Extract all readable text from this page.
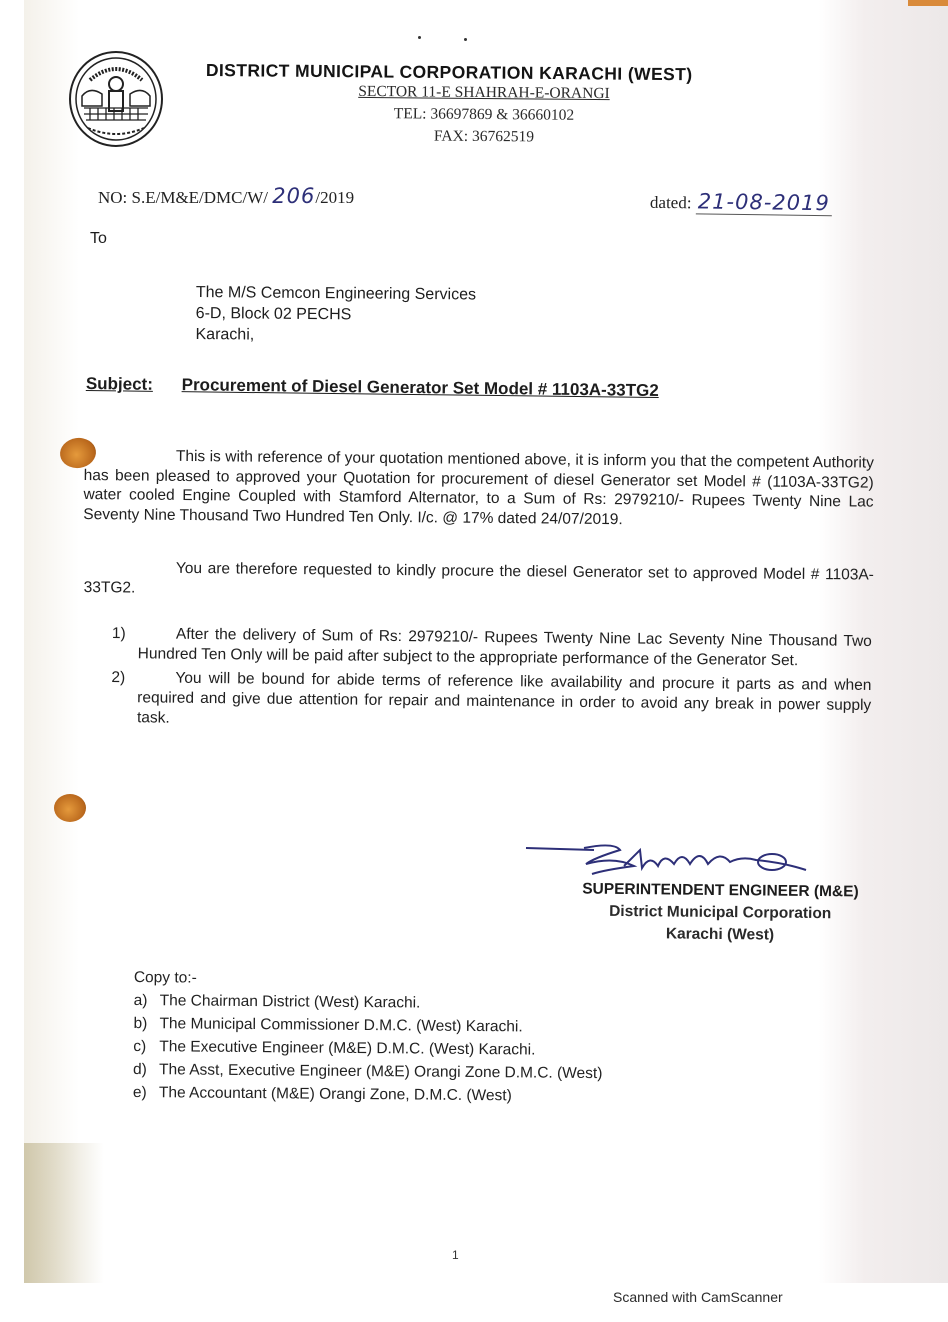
DISTRICT MUNICIPAL CORPORATION KARACHI (WEST)
SECTOR 11-E SHAHRAH-E-ORANGI
TEL: 36697869 & 36660102
FAX: 36762519
NO: S.E/M&E/DMC/W/ 206/2019	dated: 21-08-2019
To
The M/S Cemcon Engineering Services
6-D, Block 02 PECHS
Karachi,
Subject: Procurement of Diesel Generator Set Model # 1103A-33TG2

This is with reference of your quotation mentioned above, it is inform you that the competent Authority has been pleased to approved your Quotation for procurement of diesel Generator set Model # (1103A-33TG2) water cooled Engine Coupled with Stamford Alternator, to a Sum of Rs: 2979210/- Rupees Twenty Nine Lac Seventy Nine Thousand Two Hundred Ten Only. I/c. @ 17% dated 24/07/2019.

You are therefore requested to kindly procure the diesel Generator set to approved Model # 1103A-33TG2.

1)	After the delivery of Sum of Rs: 2979210/- Rupees Twenty Nine Lac Seventy Nine Thousand Two Hundred Ten Only will be paid after subject to the appropriate performance of the Generator Set.
2)	You will be bound for abide terms of reference like availability and procure it parts as and when required and give due attention for repair and maintenance in order to avoid any break in power supply task.
SUPERINTENDENT ENGINEER (M&E)
District Municipal Corporation
Karachi (West)
Copy to:-
a) The Chairman District (West) Karachi.
b) The Municipal Commissioner D.M.C. (West) Karachi.
c) The Executive Engineer (M&E) D.M.C. (West) Karachi.
d) The Asst, Executive Engineer (M&E) Orangi Zone D.M.C. (West)
e) The Accountant (M&E) Orangi Zone, D.M.C. (West)
1
Scanned with CamScanner
